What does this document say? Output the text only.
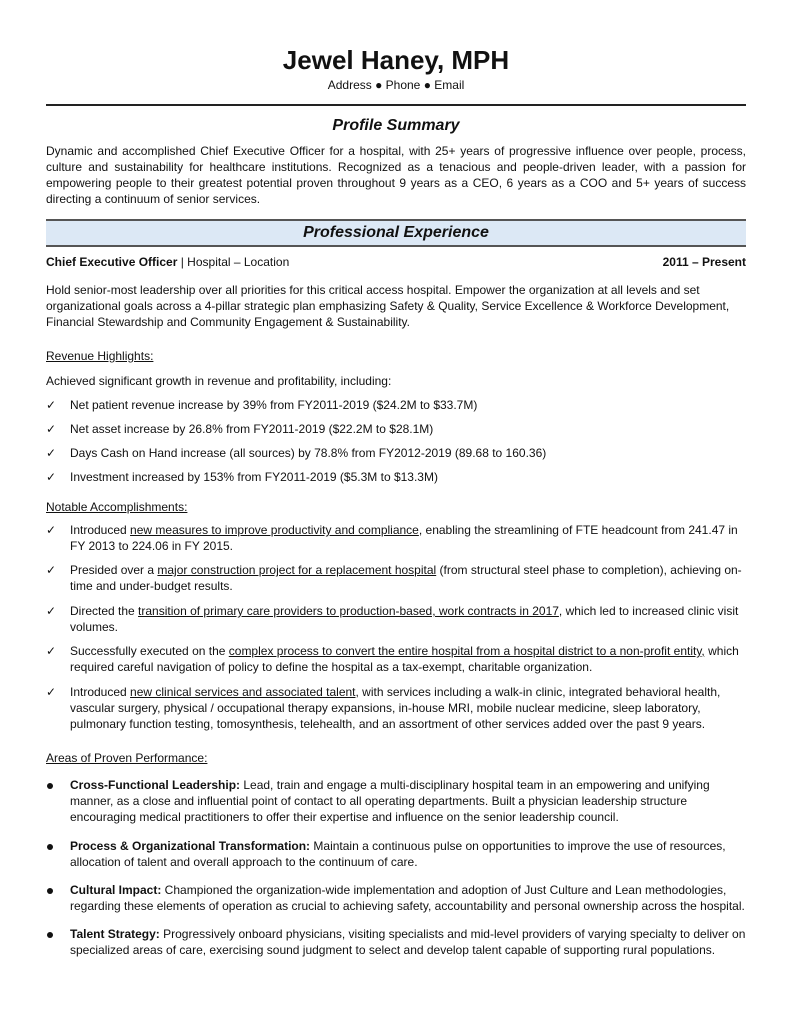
Jewel Haney, MPH
Address ● Phone ● Email
Profile Summary
Dynamic and accomplished Chief Executive Officer for a hospital, with 25+ years of progressive influence over people, process, culture and sustainability for healthcare institutions. Recognized as a tenacious and people-driven leader, with a passion for empowering people to their greatest potential proven throughout 9 years as a CEO, 6 years as a COO and 5+ years of success directing a continuum of senior services.
Professional Experience
Chief Executive Officer | Hospital – Location	2011 – Present
Hold senior-most leadership over all priorities for this critical access hospital. Empower the organization at all levels and set organizational goals across a 4-pillar strategic plan emphasizing Safety & Quality, Service Excellence & Workforce Development, Financial Stewardship and Community Engagement & Sustainability.
Revenue Highlights:
Achieved significant growth in revenue and profitability, including:
✓	Net patient revenue increase by 39% from FY2011-2019 ($24.2M to $33.7M)
✓	Net asset increase by 26.8% from FY2011-2019 ($22.2M to $28.1M)
✓	Days Cash on Hand increase (all sources) by 78.8% from FY2012-2019 (89.68 to 160.36)
✓	Investment increased by 153% from FY2011-2019 ($5.3M to $13.3M)
Notable Accomplishments:
✓	Introduced new measures to improve productivity and compliance, enabling the streamlining of FTE headcount from 241.47 in FY 2013 to 224.06 in FY 2015.
✓	Presided over a major construction project for a replacement hospital (from structural steel phase to completion), achieving on-time and under-budget results.
✓	Directed the transition of primary care providers to production-based, work contracts in 2017, which led to increased clinic visit volumes.
✓	Successfully executed on the complex process to convert the entire hospital from a hospital district to a non-profit entity, which required careful navigation of policy to define the hospital as a tax-exempt, charitable organization.
✓	Introduced new clinical services and associated talent, with services including a walk-in clinic, integrated behavioral health, vascular surgery, physical / occupational therapy expansions, in-house MRI, mobile nuclear medicine, sleep laboratory, pulmonary function testing, tomosynthesis, telehealth, and an assortment of other services added over the past 9 years.
Areas of Proven Performance:
Cross-Functional Leadership: Lead, train and engage a multi-disciplinary hospital team in an empowering and unifying manner, as a close and influential point of contact to all operating departments. Built a physician leadership structure encouraging medical practitioners to offer their expertise and influence on the senior leadership council.
Process & Organizational Transformation: Maintain a continuous pulse on opportunities to improve the use of resources, allocation of talent and overall approach to the continuum of care.
Cultural Impact: Championed the organization-wide implementation and adoption of Just Culture and Lean methodologies, regarding these elements of operation as crucial to achieving safety, accountability and personal ownership across the hospital.
Talent Strategy: Progressively onboard physicians, visiting specialists and mid-level providers of varying specialty to deliver on specialized areas of care, exercising sound judgment to select and develop talent capable of supporting rural populations.
